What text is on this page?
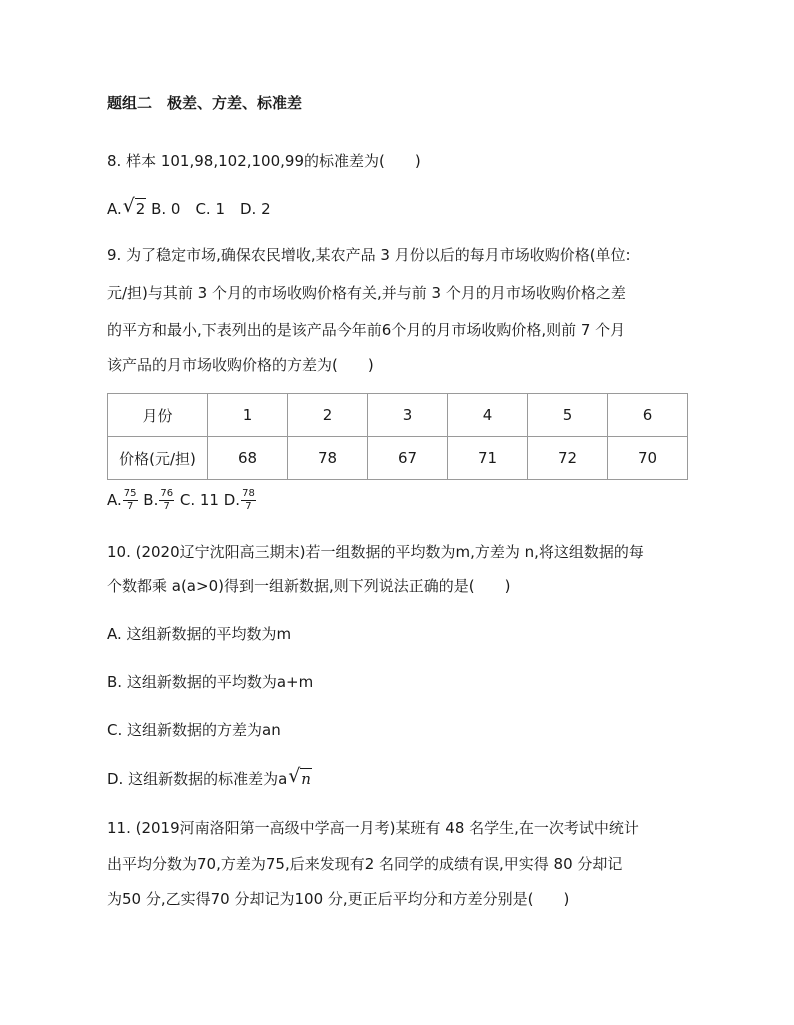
题组二　极差、方差、标准差
8. 样本 101,98,102,100,99的标准差为(　　)
A. √ 2 B. 0　C. 1　D. 2
9. 为了稳定市场,确保农民增收,某农产品 3 月份以后的每月市场收购价格(单位:
元/担)与其前 3 个月的市场收购价格有关,并与前 3 个月的月市场收购价格之差
的平方和最小,下表列出的是该产品今年前6个月的月市场收购价格,则前 7 个月
该产品的月市场收购价格的方差为(　　)
月份	1	2	3	4	5	6
价格(元/担)	68	78	67	71	72	70
A. $\frac{75}{7} B$. $\frac{76}{7} C$. 11 D. $\frac{78}{7}$
10. (2020辽宁沈阳高三期末)若一组数据的平均数为m,方差为 n,将这组数据的每
个数都乘 a(a>0)得到一组新数据,则下列说法正确的是(　　)
A. 这组新数据的平均数为m
B. 这组新数据的平均数为a+m
C. 这组新数据的方差为an
D. 这组新数据的标准差为a √ n
11. (2019河南洛阳第一高级中学高一月考)某班有 48 名学生,在一次考试中统计
出平均分数为70,方差为75,后来发现有2 名同学的成绩有误,甲实得 80 分却记
为50 分,乙实得70 分却记为100 分,更正后平均分和方差分别是(　　)
